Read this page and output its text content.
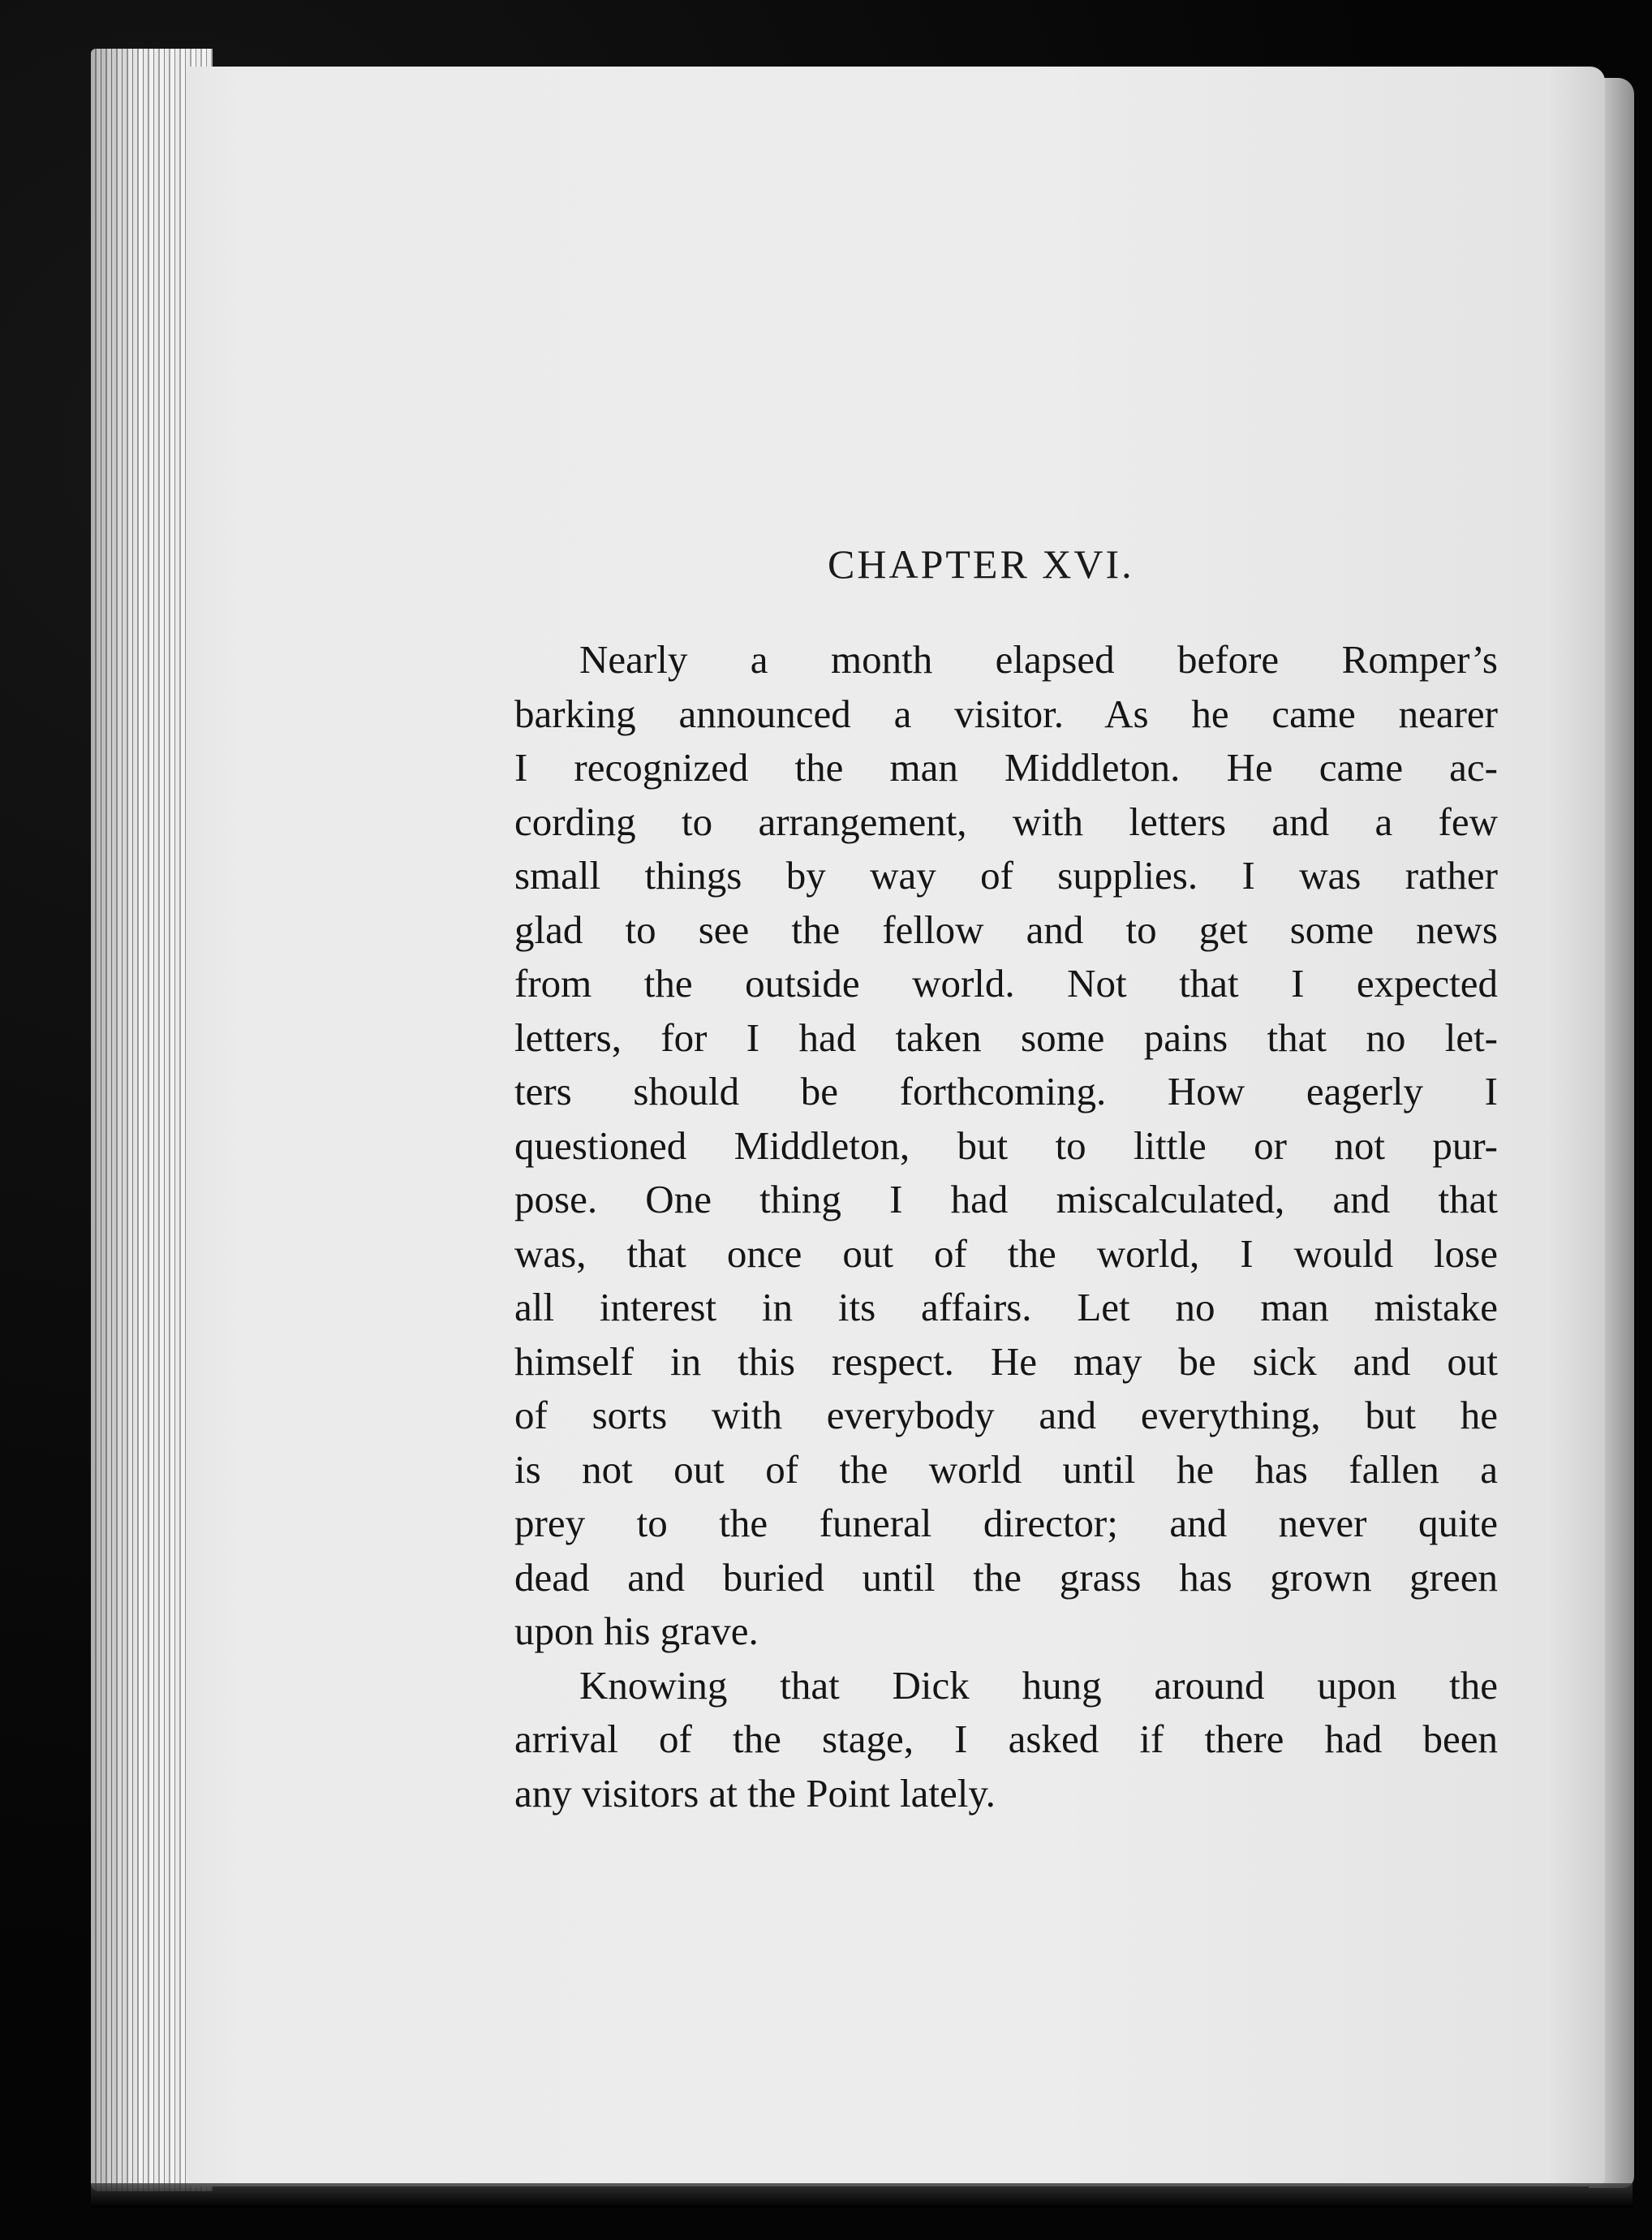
CHAPTER XVI.
Nearly a month elapsed before Romper’s
barking announced a visitor. As he came nearer
I recognized the man Middleton. He came ac-
cording to arrangement, with letters and a few
small things by way of supplies. I was rather
glad to see the fellow and to get some news
from the outside world. Not that I expected
letters, for I had taken some pains that no let-
ters should be forthcoming. How eagerly I
questioned Middleton, but to little or not pur-
pose. One thing I had miscalculated, and that
was, that once out of the world, I would lose
all interest in its affairs. Let no man mistake
himself in this respect. He may be sick and out
of sorts with everybody and everything, but he
is not out of the world until he has fallen a
prey to the funeral director; and never quite
dead and buried until the grass has grown green
upon his grave.
Knowing that Dick hung around upon the
arrival of the stage, I asked if there had been
any visitors at the Point lately.
